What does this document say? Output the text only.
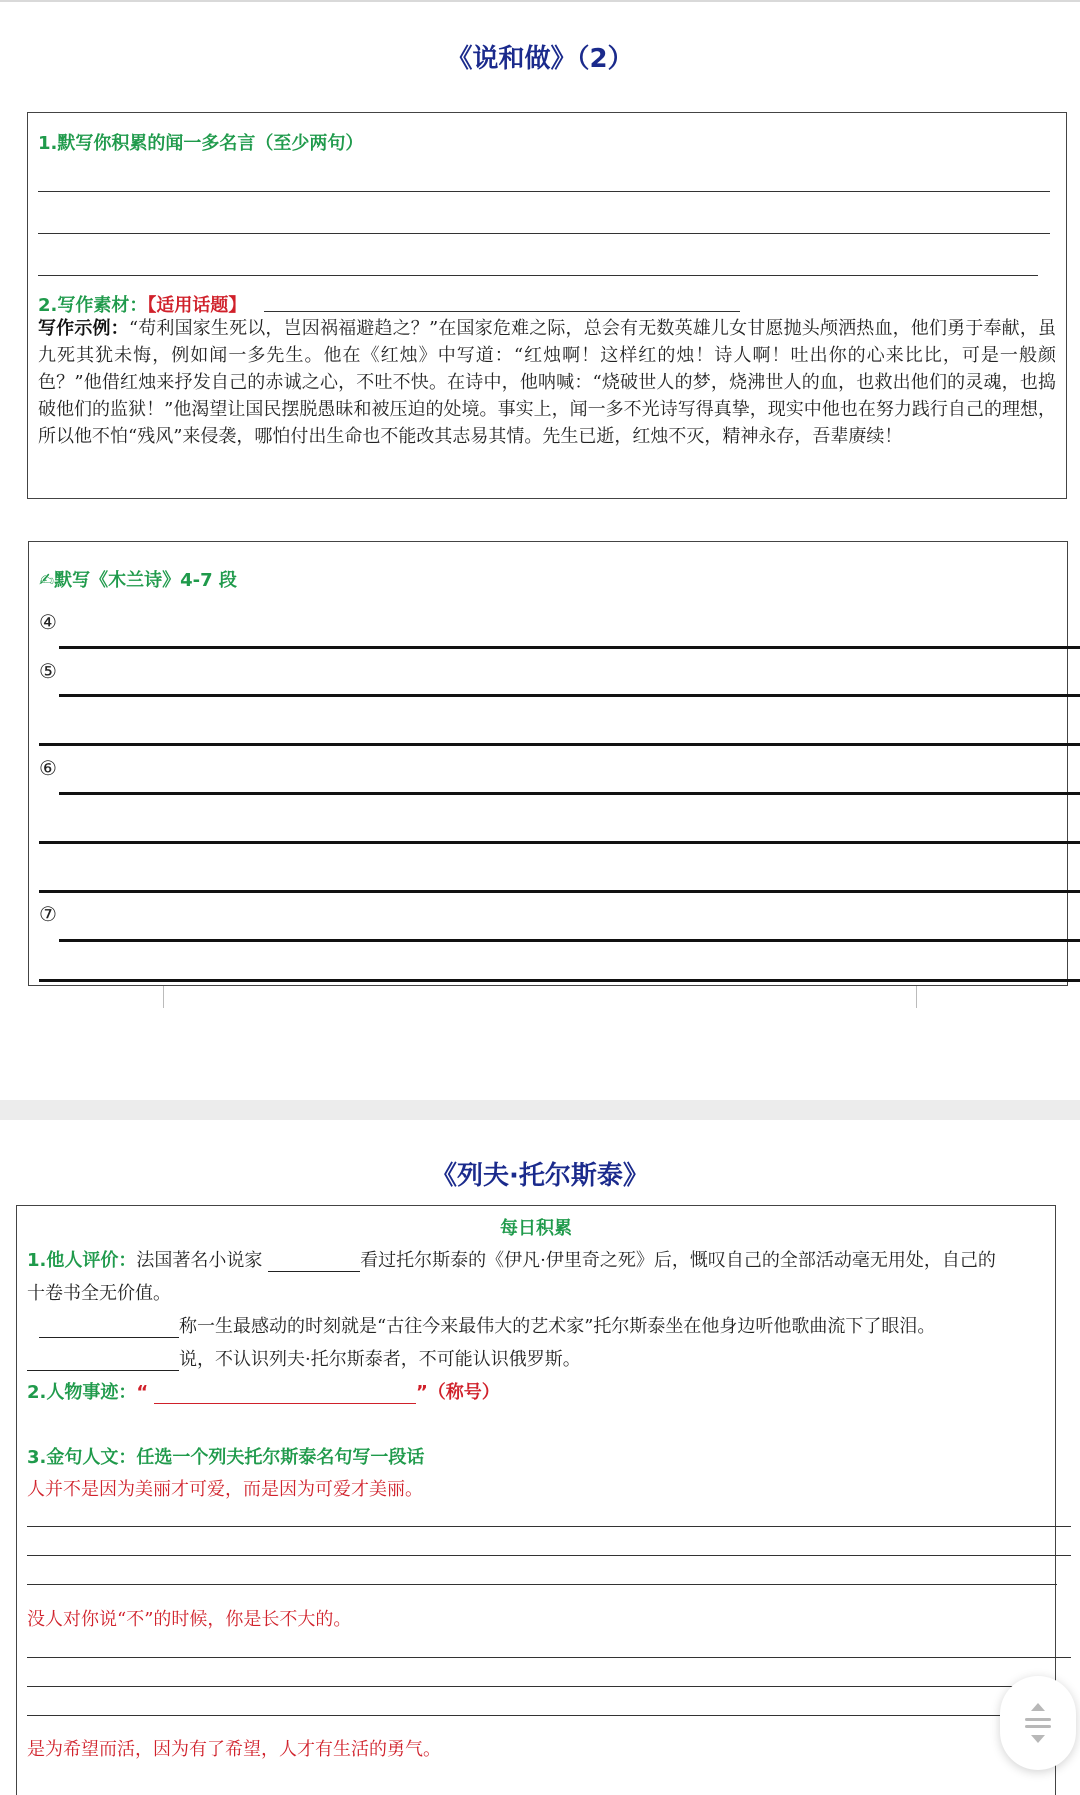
《说和做》（2）
1.默写你积累的闻一多名言（至少两句）
2.写作素材：【适用话题】
写作示例：“苟利国家生死以，岂因祸福避趋之？”在国家危难之际，总会有无数英雄儿女甘愿抛头颅洒热血，他们勇于奉献，虽九死其犹未悔，例如闻一多先生。他在《红烛》中写道：“红烛啊！这样红的烛！诗人啊！吐出你的心来比比，可是一般颜色？”他借红烛来抒发自己的赤诚之心，不吐不快。在诗中，他呐喊：“烧破世人的梦，烧沸世人的血，也救出他们的灵魂，也捣破他们的监狱！”他渴望让国民摆脱愚昧和被压迫的处境。事实上，闻一多不光诗写得真挚，现实中他也在努力践行自己的理想，所以他不怕“残风”来侵袭，哪怕付出生命也不能改其志易其情。先生已逝，红烛不灭，精神永存，吾辈赓续！
✍默写《木兰诗》4-7 段
④
⑤
⑥
⑦
《列夫·托尔斯泰》
每日积累
1.他人评价：法国著名小说家	看过托尔斯泰的《伊凡·伊里奇之死》后，慨叹自己的全部活动毫无用处，自己的
十卷书全无价值。
称一生最感动的时刻就是“古往今来最伟大的艺术家”托尔斯泰坐在他身边听他歌曲流下了眼泪。
说，不认识列夫·托尔斯泰者，不可能认识俄罗斯。
2.人物事迹：“	”（称号）
3.金句人文：任选一个列夫托尔斯泰名句写一段话
人并不是因为美丽才可爱，而是因为可爱才美丽。
没人对你说“不”的时候，你是长不大的。
是为希望而活，因为有了希望，人才有生活的勇气。
